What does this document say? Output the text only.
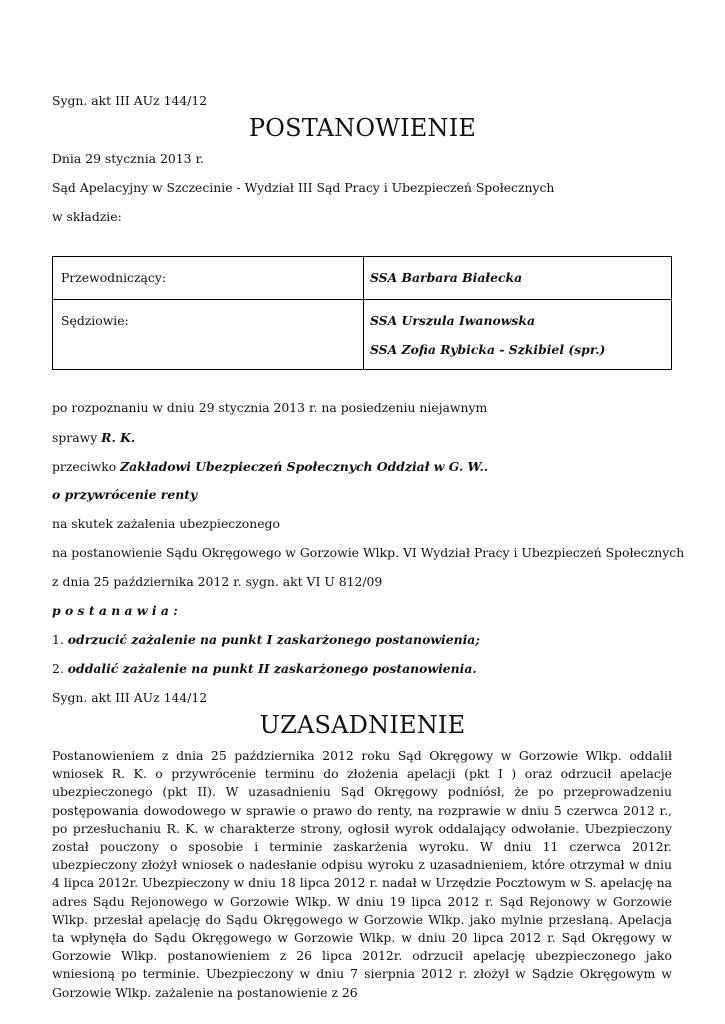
Sygn. akt III AUz 144/12
POSTANOWIENIE
Dnia 29 stycznia 2013 r.
Sąd Apelacyjny w Szczecinie - Wydział III Sąd Pracy i Ubezpieczeń Społecznych
w składzie:
Przewodniczący:	SSA Barbara Białecka
Sędziowie:	SSA Urszula Iwanowska
SSA Zofia Rybicka - Szkibiel (spr.)
po rozpoznaniu w dniu 29 stycznia 2013 r. na posiedzeniu niejawnym
sprawy R. K.
przeciwko Zakładowi Ubezpieczeń Społecznych Oddział w G. W..
o przywrócenie renty
na skutek zażalenia ubezpieczonego
na postanowienie Sądu Okręgowego w Gorzowie Wlkp. VI Wydział Pracy i Ubezpieczeń Społecznych
z dnia 25 października 2012 r. sygn. akt VI U 812/09
p o s t a n a w i a :
1. odrzucić zażalenie na punkt I zaskarżonego postanowienia;
2. oddalić zażalenie na punkt II zaskarżonego postanowienia.
Sygn. akt III AUz 144/12
UZASADNIENIE
Postanowieniem z dnia 25 października 2012 roku Sąd Okręgowy w Gorzowie Wlkp. oddalił wniosek R. K. o przywrócenie terminu do złożenia apelacji (pkt I ) oraz odrzucił apelacje ubezpieczonego (pkt II). W uzasadnieniu Sąd Okręgowy podniósł, że po przeprowadzeniu postępowania dowodowego w sprawie o prawo do renty, na rozprawie w dniu 5 czerwca 2012 r., po przesłuchaniu R. K. w charakterze strony, ogłosił wyrok oddalający odwołanie. Ubezpieczony został pouczony o sposobie i terminie zaskarżenia wyroku. W dniu 11 czerwca 2012r. ubezpieczony złożył wniosek o nadesłanie odpisu wyroku z uzasadnieniem, które otrzymał w dniu 4 lipca 2012r. Ubezpieczony w dniu 18 lipca 2012 r. nadał w Urzędzie Pocztowym w S. apelację na adres Sądu Rejonowego w Gorzowie Wlkp. W dniu 19 lipca 2012 r. Sąd Rejonowy w Gorzowie Wlkp. przesłał apelację do Sądu Okręgowego w Gorzowie Wlkp. jako mylnie przesłaną. Apelacja ta wpłynęła do Sądu Okręgowego w Gorzowie Wlkp. w dniu 20 lipca 2012 r. Sąd Okręgowy w Gorzowie Wlkp. postanowieniem z 26 lipca 2012r. odrzucił apelację ubezpieczonego jako wniesioną po terminie. Ubezpieczony w dniu 7 sierpnia 2012 r. złożył w Sądzie Okręgowym w Gorzowie Wlkp. zażalenie na postanowienie z 26
